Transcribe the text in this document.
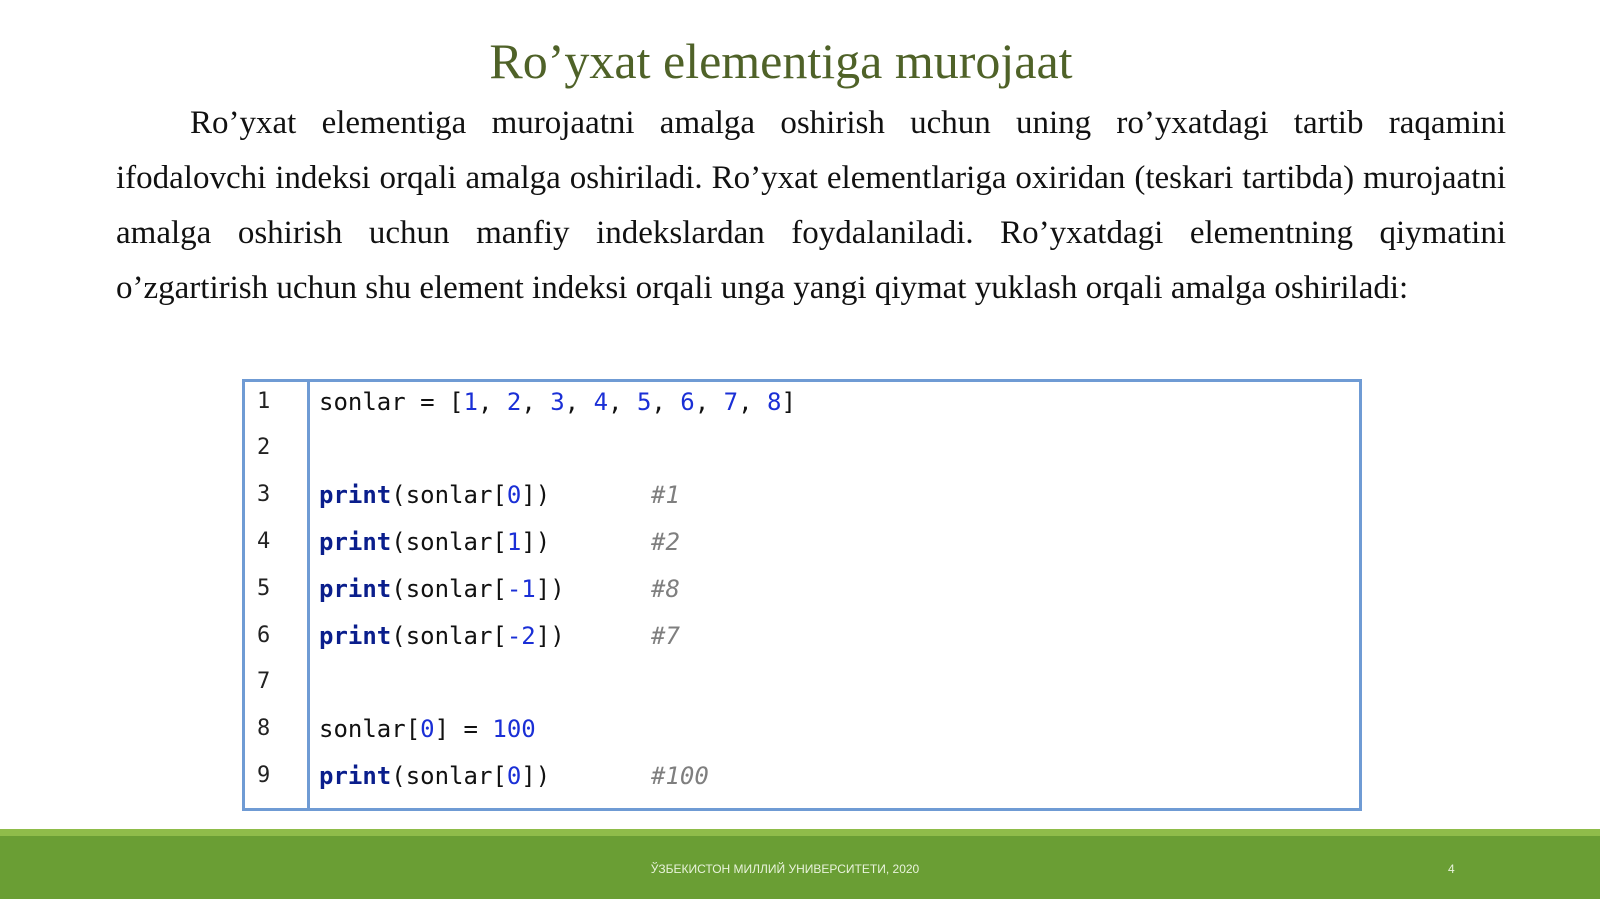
Ro’yxat elementiga murojaat

Ro’yxat elementiga murojaatni amalga oshirish uchun uning ro’yxatdagi tartib raqamini ifodalovchi indeksi orqali amalga oshiriladi. Ro’yxat elementlariga oxiridan (teskari tartibda) murojaatni amalga oshirish uchun manfiy indekslardan foydalaniladi. Ro’yxatdagi elementning qiymatini o’zgartirish uchun shu element indeksi orqali unga yangi qiymat yuklash orqali amalga oshiriladi:

1	sonlar = [1, 2, 3, 4, 5, 6, 7, 8]
2
3	print(sonlar[0])	#1
4	print(sonlar[1])	#2
5	print(sonlar[-1])	#8
6	print(sonlar[-2])	#7
7
8	sonlar[0] = 100
9	print(sonlar[0])	#100
ЎЗБЕКИСТОН МИЛЛИЙ УНИВЕРСИТЕТИ, 2020	4
